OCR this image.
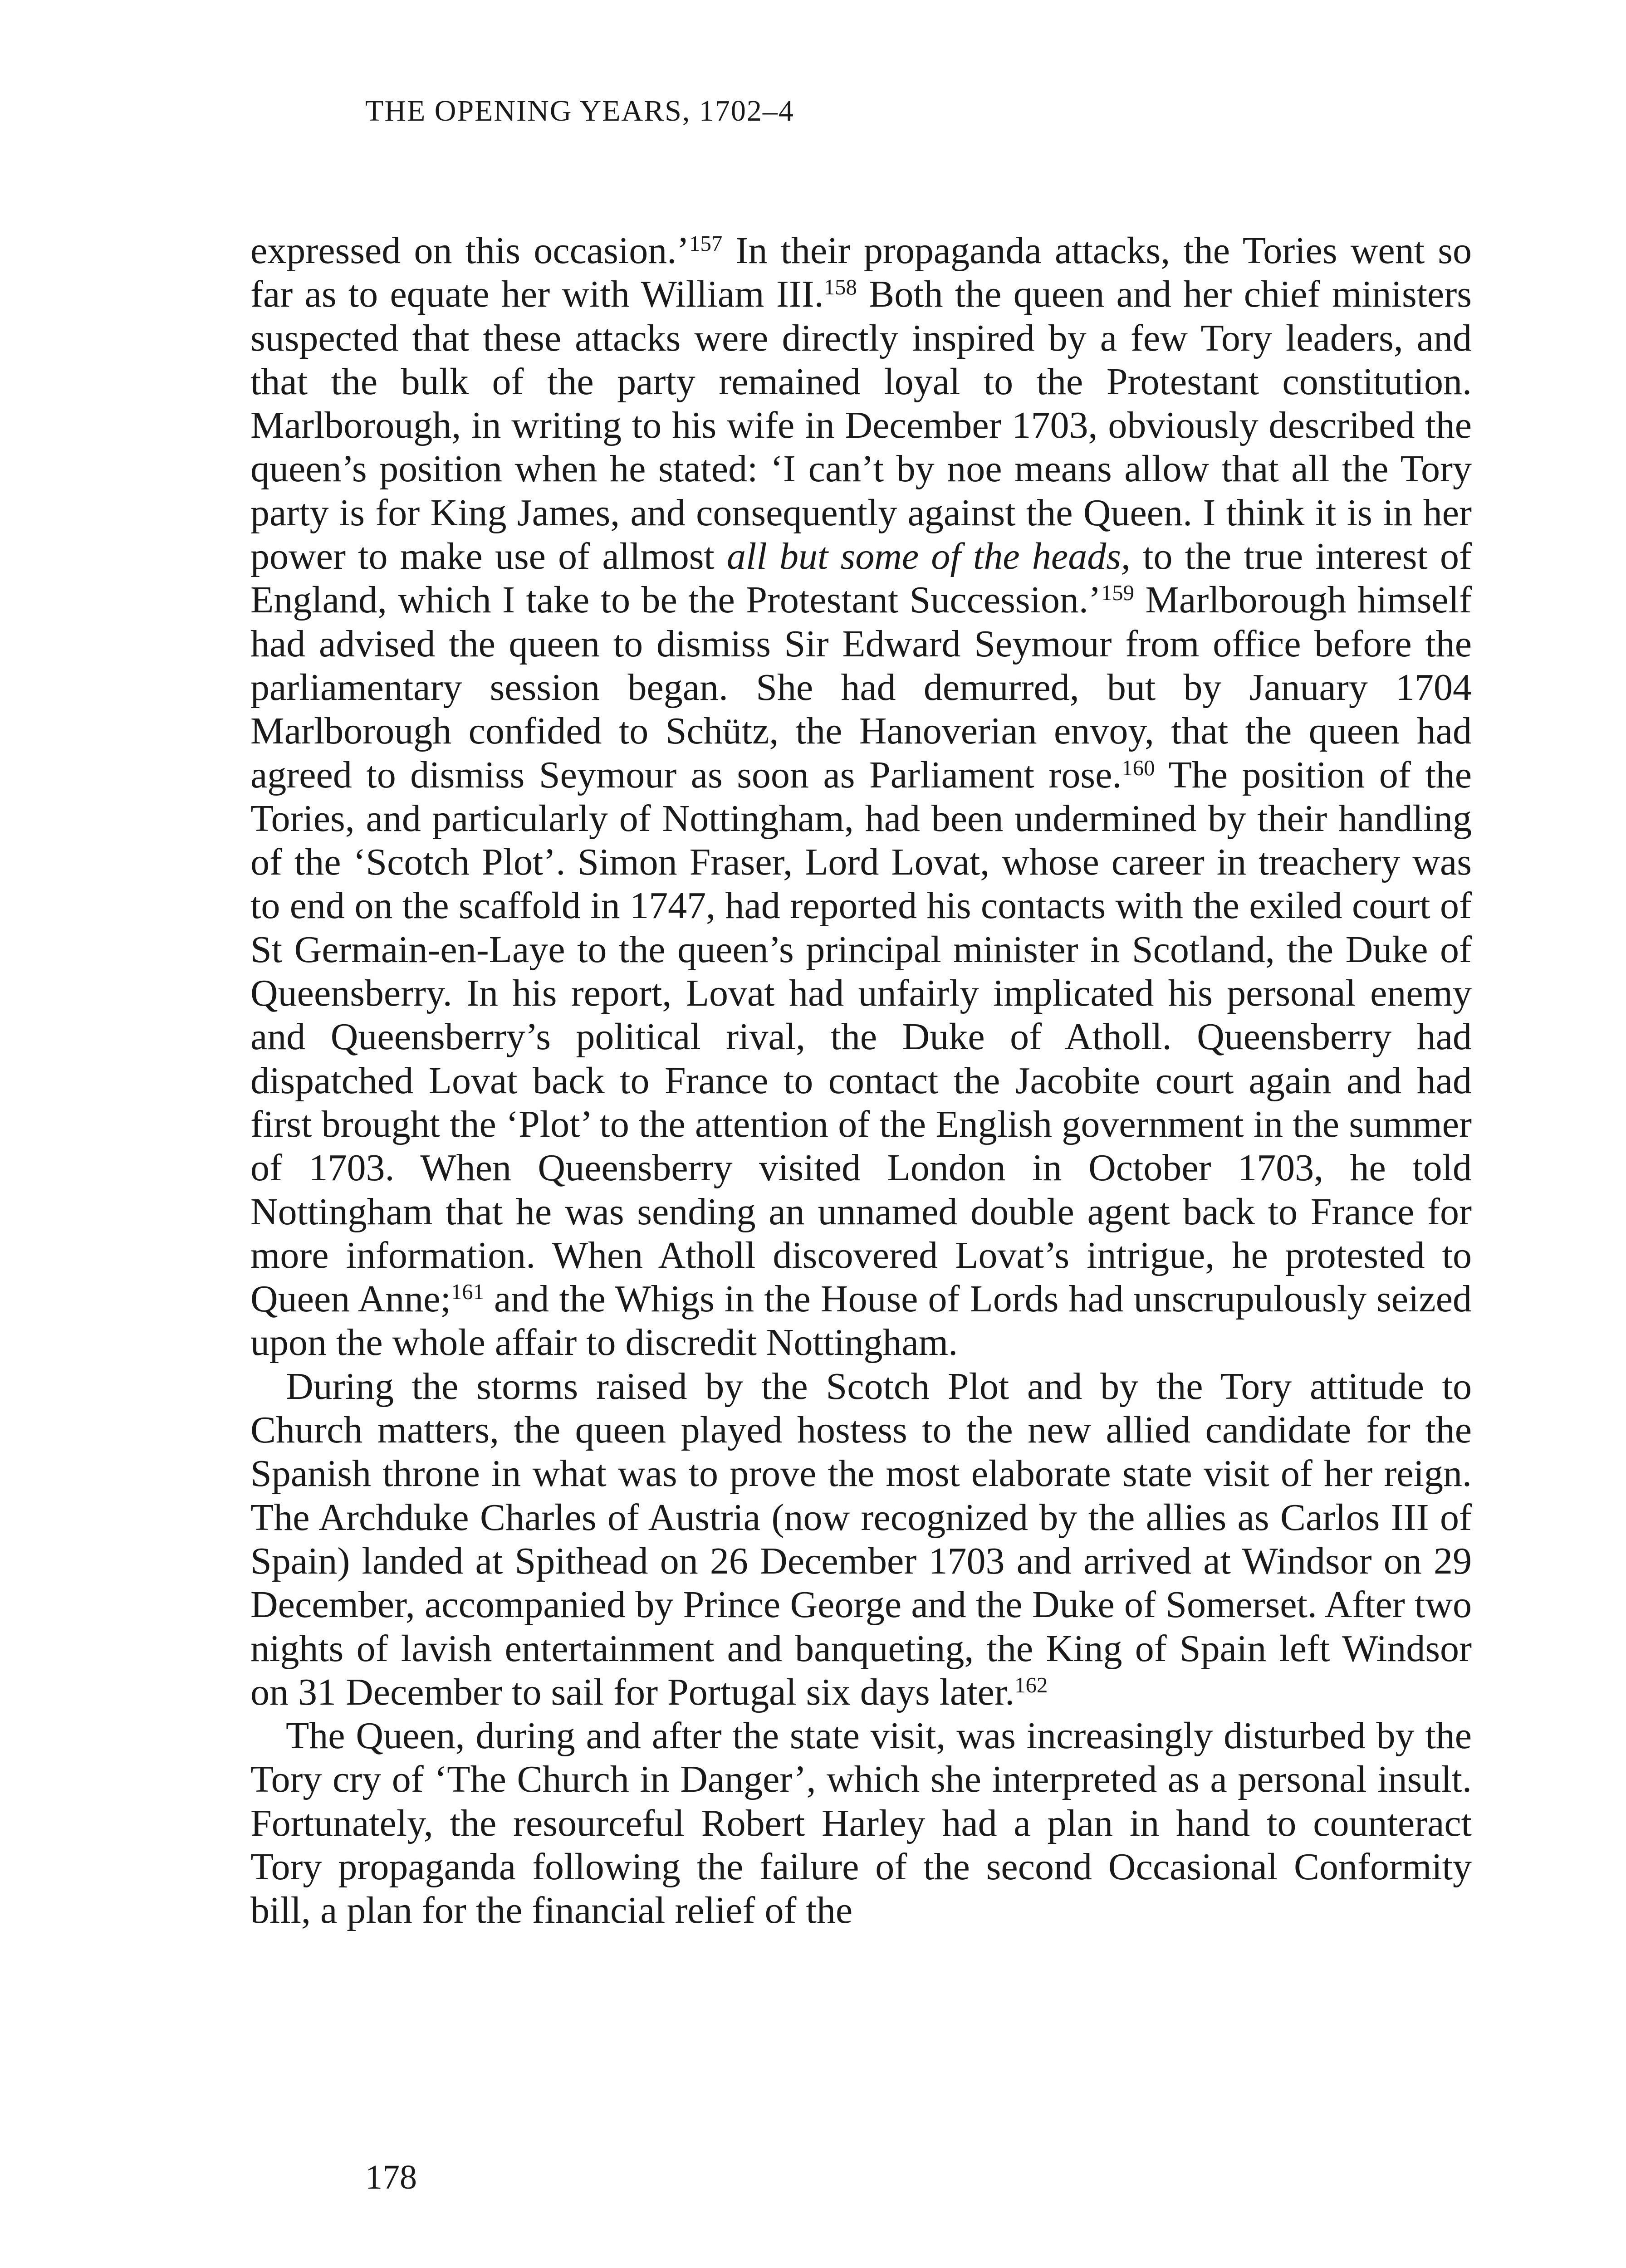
THE OPENING YEARS, 1702–4

expressed on this occasion.’$^{157}$ In their propaganda attacks, the Tories went so far as to equate her with William III.$^{158}$ Both the queen and her chief ministers suspected that these attacks were directly inspired by a few Tory leaders, and that the bulk of the party remained loyal to the Protestant constitution. Marlborough, in writing to his wife in December 1703, obviously described the queen’s position when he stated: ‘I can’t by noe means allow that all the Tory party is for King James, and consequently against the Queen. I think it is in her power to make use of allmost all but some of the heads, to the true interest of England, which I take to be the Protestant Succession.’$^{159}$ Marlborough himself had advised the queen to dismiss Sir Edward Seymour from office before the parliamentary session began. She had demurred, but by January 1704 Marlborough confided to Schütz, the Hanoverian envoy, that the queen had agreed to dismiss Seymour as soon as Parliament rose.$^{160}$ The position of the Tories, and particularly of Nottingham, had been undermined by their handling of the ‘Scotch Plot’. Simon Fraser, Lord Lovat, whose career in treachery was to end on the scaffold in 1747, had reported his contacts with the exiled court of St Germain-en-Laye to the queen’s principal minister in Scotland, the Duke of Queensberry. In his report, Lovat had unfairly implicated his personal enemy and Queensberry’s political rival, the Duke of Atholl. Queensberry had dispatched Lovat back to France to contact the Jacobite court again and had first brought the ‘Plot’ to the attention of the English government in the summer of 1703. When Queensberry visited London in October 1703, he told Nottingham that he was sending an unnamed double agent back to France for more information. When Atholl discovered Lovat’s intrigue, he protested to Queen Anne;$^{161}$ and the Whigs in the House of Lords had unscrupulously seized upon the whole affair to discredit Nottingham.

During the storms raised by the Scotch Plot and by the Tory attitude to Church matters, the queen played hostess to the new allied candidate for the Spanish throne in what was to prove the most elaborate state visit of her reign. The Archduke Charles of Austria (now recognized by the allies as Carlos III of Spain) landed at Spithead on 26 December 1703 and arrived at Windsor on 29 December, accompanied by Prince George and the Duke of Somerset. After two nights of lavish entertainment and banqueting, the King of Spain left Windsor on 31 December to sail for Portugal six days later.$^{162}$

The Queen, during and after the state visit, was increasingly disturbed by the Tory cry of ‘The Church in Danger’, which she interpreted as a personal insult. Fortunately, the resourceful Robert Harley had a plan in hand to counteract Tory propaganda following the failure of the second Occasional Conformity bill, a plan for the financial relief of the

178
